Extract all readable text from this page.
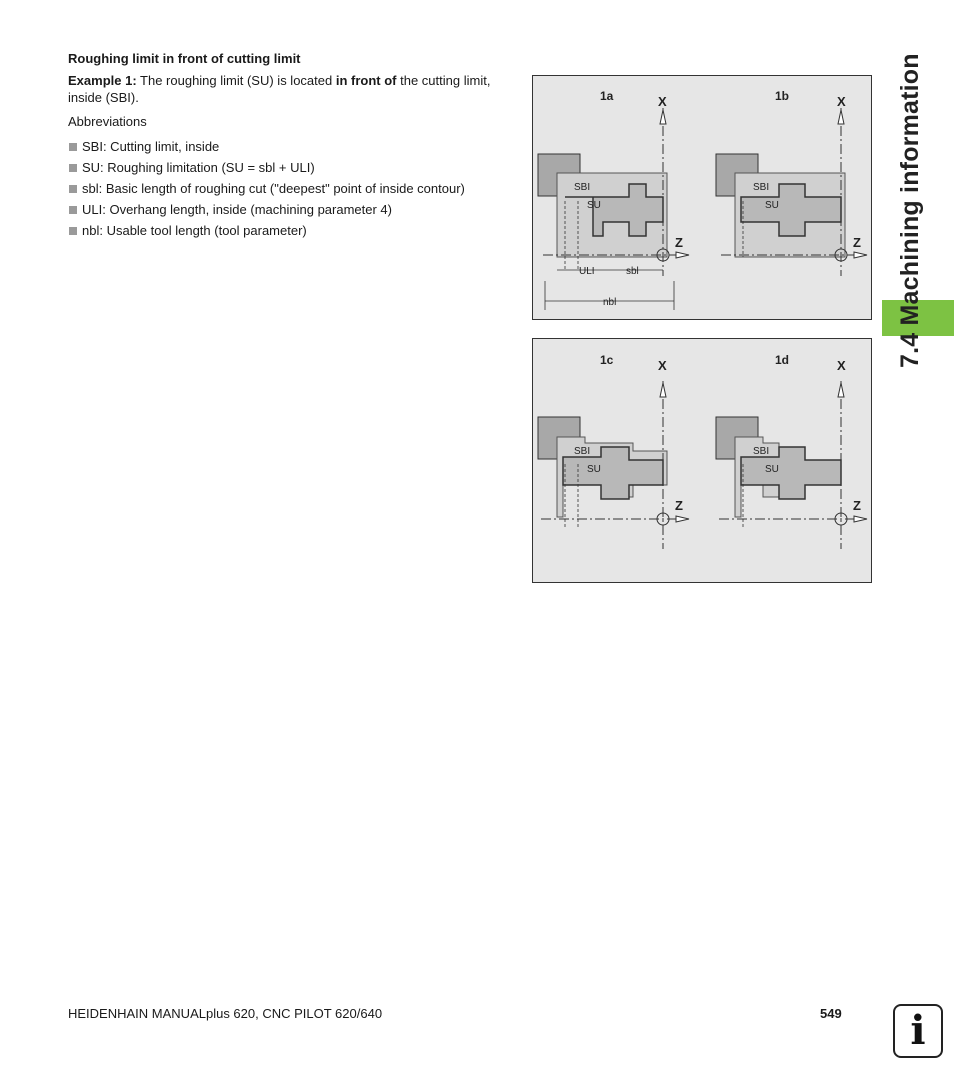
Roughing limit in front of cutting limit
Example 1: The roughing limit (SU) is located in front of the cutting limit, inside (SBI).
Abbreviations
SBI: Cutting limit, inside
SU: Roughing limitation (SU = sbl + ULI)
sbl: Basic length of roughing cut ("deepest" point of inside contour)
ULI: Overhang length, inside (machining parameter 4)
nbl: Usable tool length (tool parameter)	7.4 Machining information
1a	X
Z
SBI
SU
ULI	sbl
nbl
1b	X
Z
SBI
SU
1c	X
Z
SBI
SU
1d	X
Z
SBI
SU
HEIDENHAIN MANUALplus 620, CNC PILOT 620/640	549	i
